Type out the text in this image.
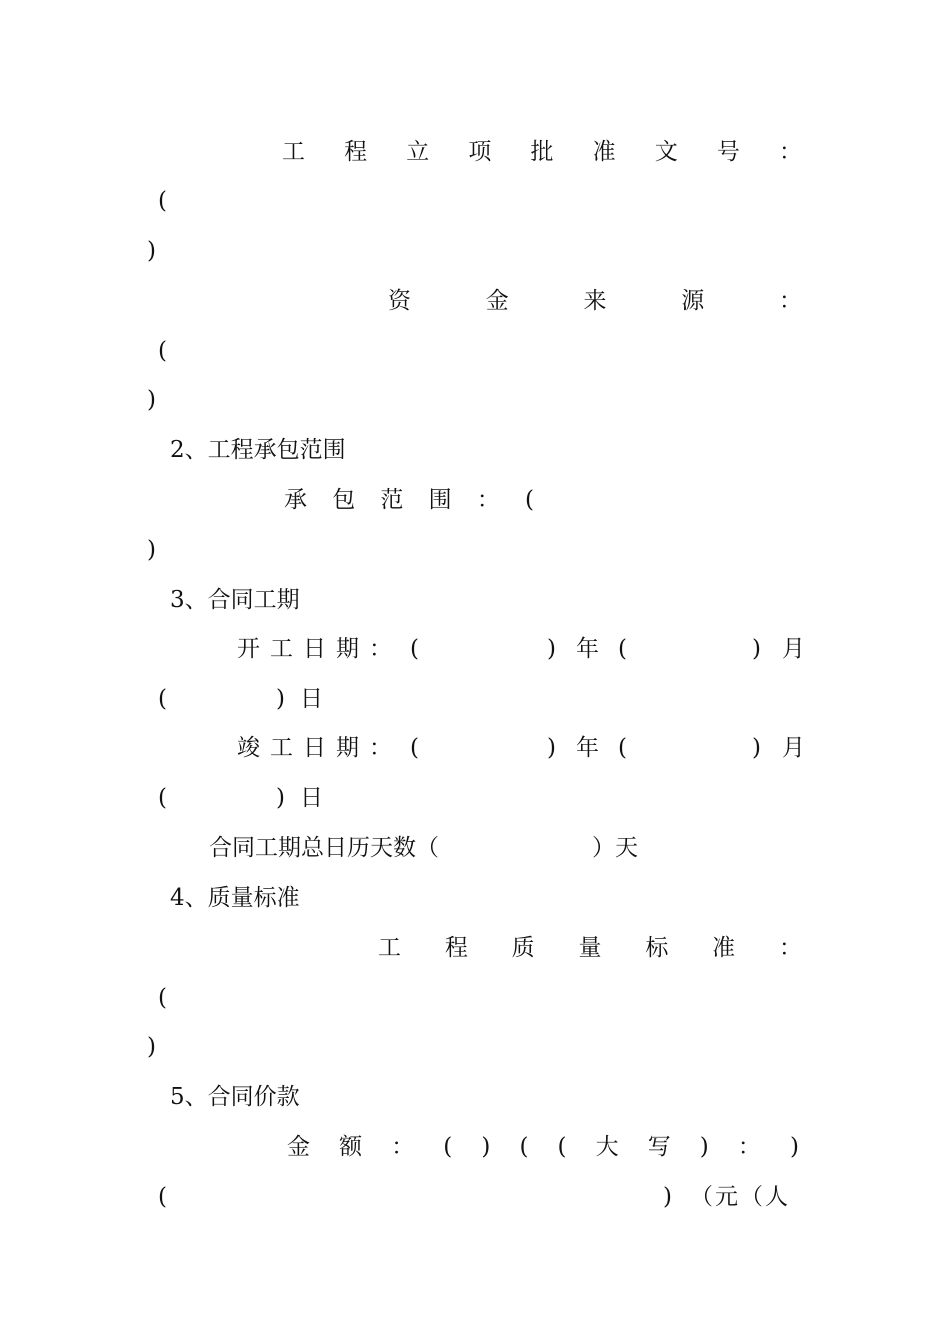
工 程 立 项 批 准 文 号 ：
(
)
资	金	来	源	：
(
)
2、工程承包范围
承 包 范 围 ： (
)
3、合同工期
开 工 日 期 ： (	) 年 (	) 月
(	) 日
竣 工 日 期 ： (	) 年 (	) 月
(	) 日
合同工期总日历天数（	）天
4、质量标准
工 程 质 量 标 准 ：
(
)
5、合同价款
金 额 ： ( ) ( ( 大 写 ) ： )
(	) （元（人
